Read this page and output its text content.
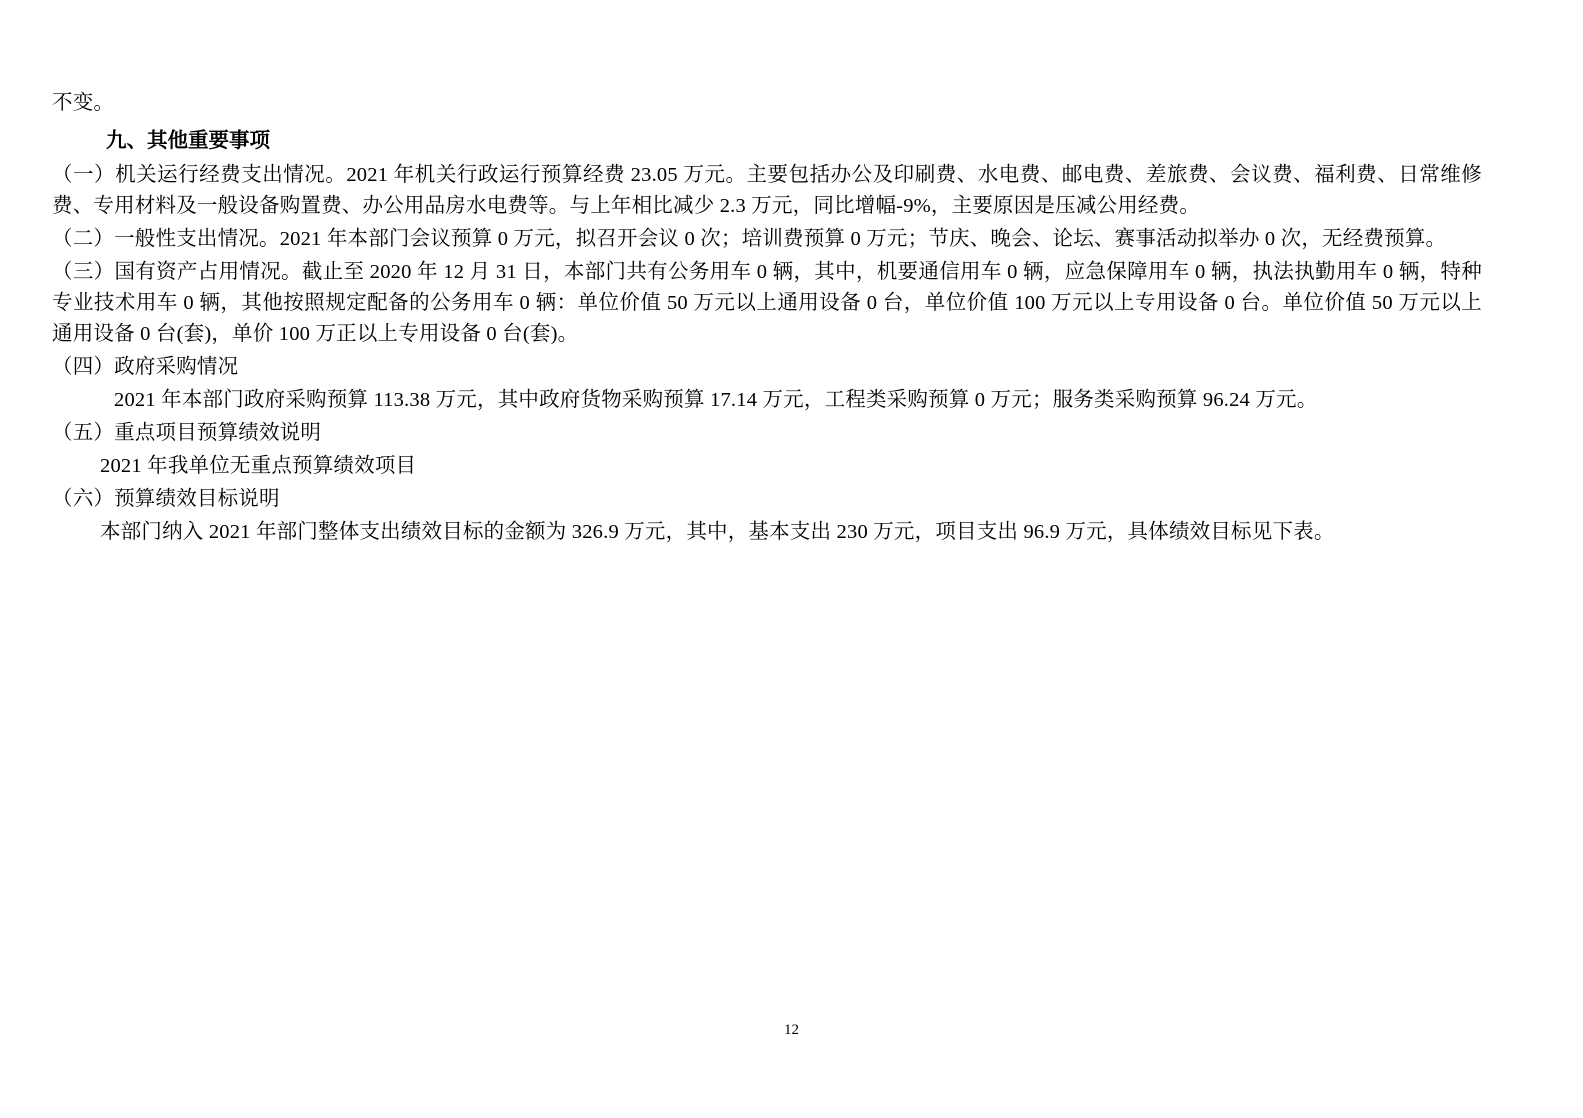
不变。

九、其他重要事项

（一）机关运行经费支出情况。2021 年机关行政运行预算经费 23.05 万元。主要包括办公及印刷费、水电费、邮电费、差旅费、会议费、福利费、日常维修费、专用材料及一般设备购置费、办公用品房水电费等。与上年相比减少 2.3 万元，同比增幅-9%，主要原因是压减公用经费。

（二）一般性支出情况。2021 年本部门会议预算 0 万元，拟召开会议 0 次；培训费预算 0 万元；节庆、晚会、论坛、赛事活动拟举办 0 次，无经费预算。

（三）国有资产占用情况。截止至 2020 年 12 月 31 日，本部门共有公务用车 0 辆，其中，机要通信用车 0 辆，应急保障用车 0 辆，执法执勤用车 0 辆，特种专业技术用车 0 辆，其他按照规定配备的公务用车 0 辆：单位价值 50 万元以上通用设备 0 台，单位价值 100 万元以上专用设备 0 台。单位价值 50 万元以上通用设备 0 台(套)，单价 100 万正以上专用设备 0 台(套)。

（四）政府采购情况

2021 年本部门政府采购预算 113.38 万元，其中政府货物采购预算 17.14 万元，工程类采购预算 0 万元；服务类采购预算 96.24 万元。

（五）重点项目预算绩效说明

2021 年我单位无重点预算绩效项目

（六）预算绩效目标说明

本部门纳入 2021 年部门整体支出绩效目标的金额为 326.9 万元，其中，基本支出 230 万元，项目支出 96.9 万元，具体绩效目标见下表。

12
